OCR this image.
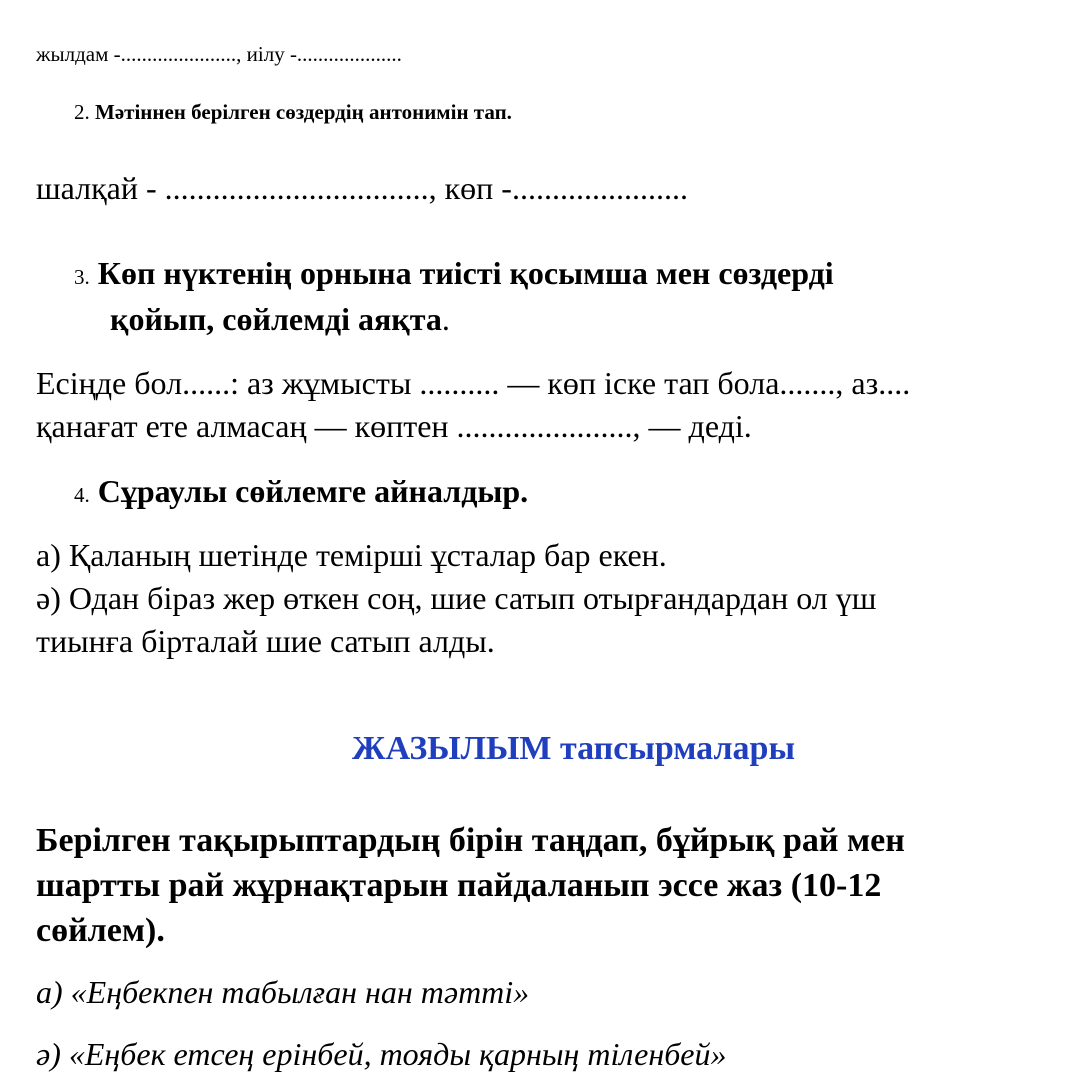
жылдам -......................, иілу -....................
2. Мәтіннен берілген сөздердің антонимін тап.
шалқай - ................................., көп -......................
3. Көп нүктенің орнына тиісті қосымша мен сөздерді
қойып, сөйлемді аяқта.
Есіңде бол......: аз жұмысты .......... — көп іске тап бола......., аз....
қанағат ете алмасаң — көптен ......................, — деді.
4. Сұраулы сөйлемге айналдыр.
а) Қаланың шетінде темірші ұсталар бар екен.
ә) Одан біраз жер өткен соң, шие сатып отырғандардан ол үш
тиынға бірталай шие сатып алды.
ЖАЗЫЛЫМ тапсырмалары
Берілген тақырыптардың бірін таңдап, бұйрық рай мен
шартты рай жұрнақтарын пайдаланып эссе жаз (10-12
сөйлем).
а) «Еңбекпен табылған нан тәтті»
ә) «Еңбек етсең ерінбей, тояды қарның тіленбей»
